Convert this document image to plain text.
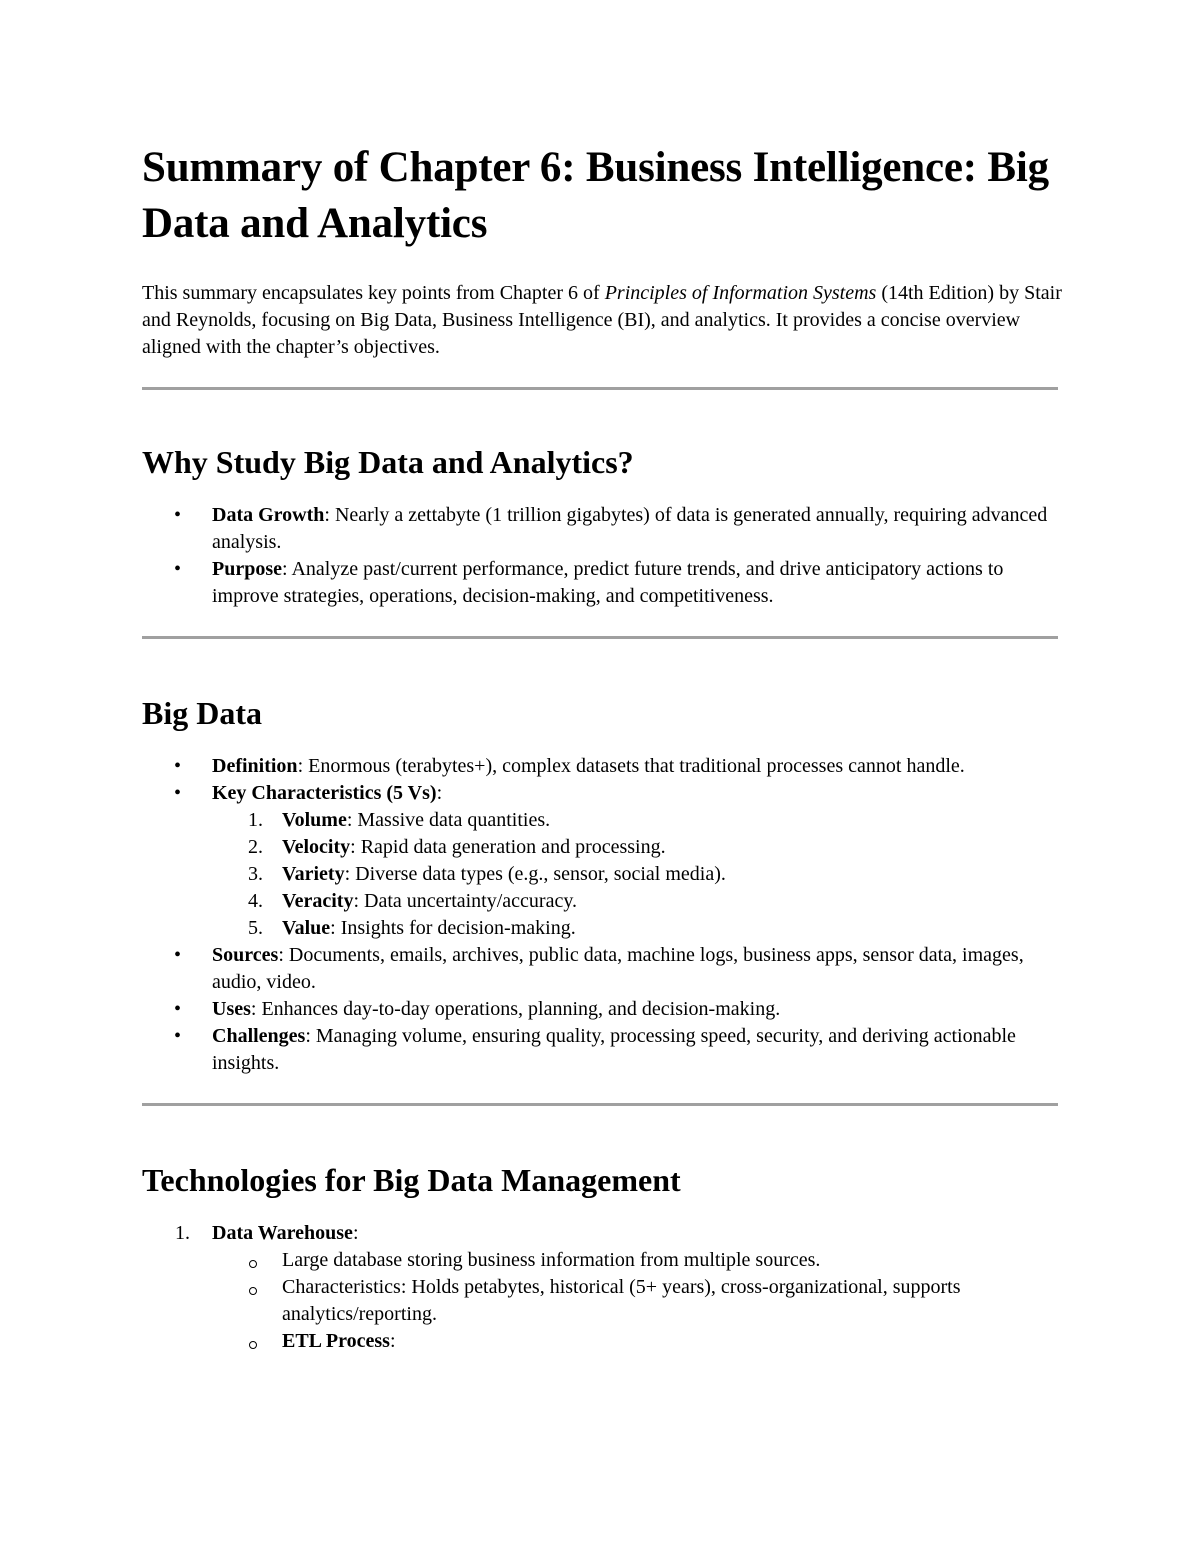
Summary of Chapter 6: Business Intelligence: Big Data and Analytics

This summary encapsulates key points from Chapter 6 of Principles of Information Systems (14th Edition) by Stair and Reynolds, focusing on Big Data, Business Intelligence (BI), and analytics. It provides a concise overview aligned with the chapter’s objectives.

Why Study Big Data and Analytics?
• Data Growth: Nearly a zettabyte (1 trillion gigabytes) of data is generated annually, requiring advanced analysis.
• Purpose: Analyze past/current performance, predict future trends, and drive anticipatory actions to improve strategies, operations, decision-making, and competitiveness.
Big Data
• Definition: Enormous (terabytes+), complex datasets that traditional processes cannot handle.
• Key Characteristics (5 Vs):
1. Volume: Massive data quantities.
2. Velocity: Rapid data generation and processing.
3. Variety: Diverse data types (e.g., sensor, social media).
4. Veracity: Data uncertainty/accuracy.
5. Value: Insights for decision-making.
• Sources: Documents, emails, archives, public data, machine logs, business apps, sensor data, images, audio, video.
• Uses: Enhances day-to-day operations, planning, and decision-making.
• Challenges: Managing volume, ensuring quality, processing speed, security, and deriving actionable insights.
Technologies for Big Data Management
1. Data Warehouse:
Large database storing business information from multiple sources.
Characteristics: Holds petabytes, historical (5+ years), cross-organizational, supports analytics/reporting.
ETL Process:
